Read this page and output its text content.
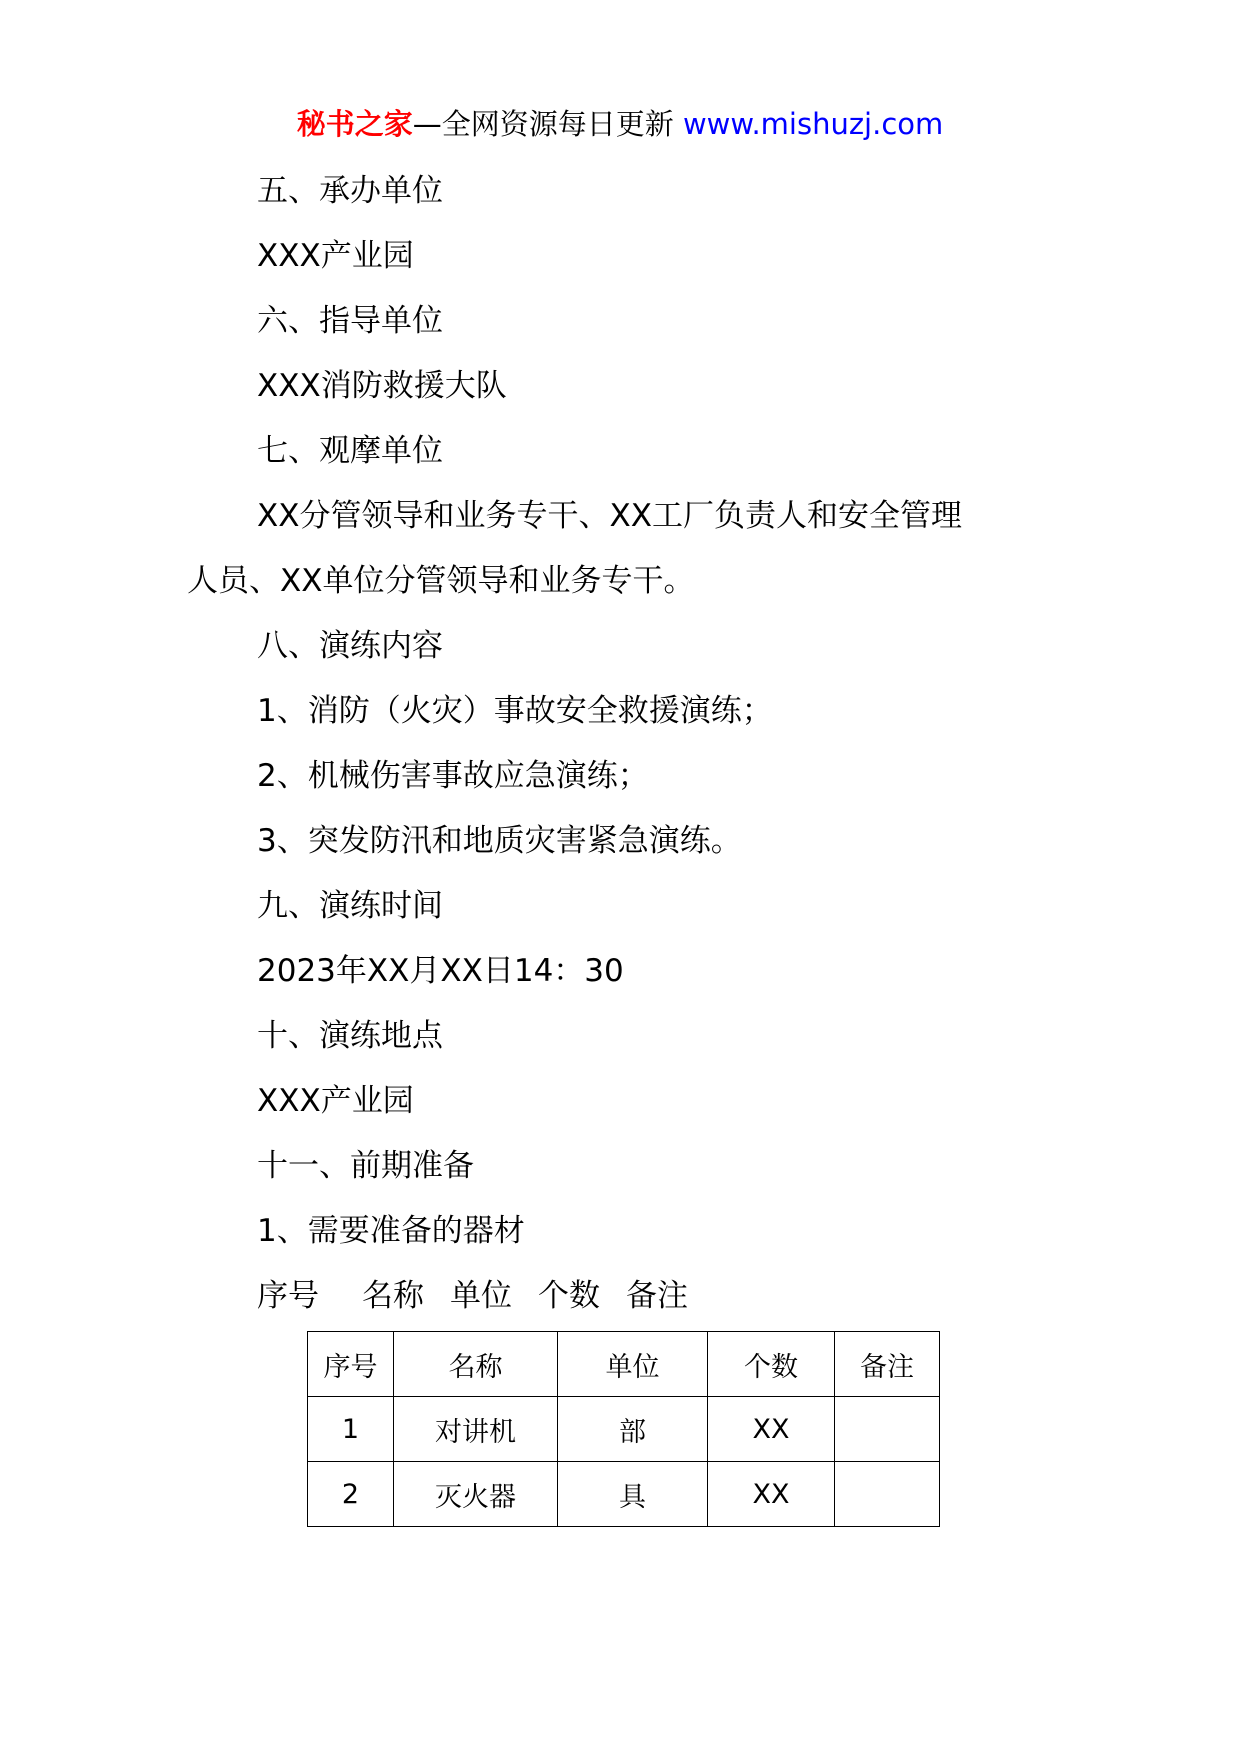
秘书之家—全网资源每日更新 www.mishuzj.com
五、承办单位
XXX产业园
六、指导单位
XXX消防救援大队
七、观摩单位
XX分管领导和业务专干、XX工厂负责人和安全管理
人员、XX单位分管领导和业务专干。
八、演练内容
1、消防（火灾）事故安全救援演练；
2、机械伤害事故应急演练；
3、突发防汛和地质灾害紧急演练。
九、演练时间
2023年XX月XX日14：30
十、演练地点
XXX产业园
十一、前期准备
1、需要准备的器材
序号 名称 单位 个数 备注
序号	名称	单位	个数	备注
1	对讲机	部	XX	
2	灭火器	具	XX	
